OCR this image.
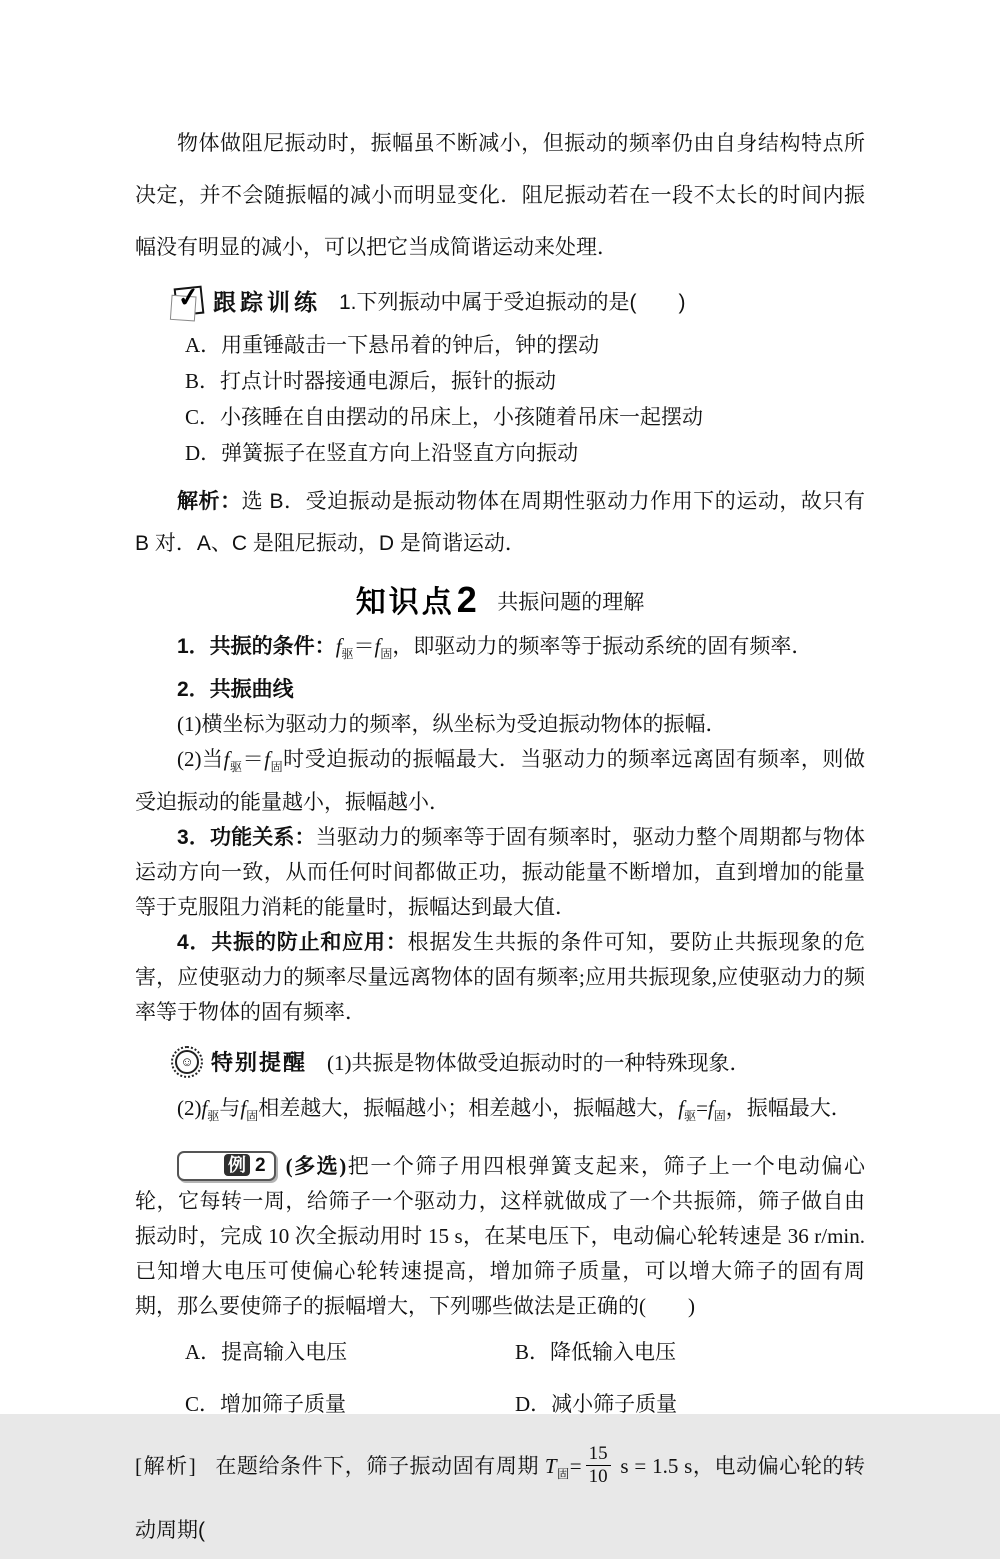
物体做阻尼振动时，振幅虽不断减小，但振动的频率仍由自身结构特点所决定，并不会随振幅的减小而明显变化．阻尼振动若在一段不太长的时间内振幅没有明显的减小，可以把它当成简谐运动来处理．

✓ 跟踪训练 1.下列振动中属于受迫振动的是(　　)
A．用重锤敲击一下悬吊着的钟后，钟的摆动
B．打点计时器接通电源后，振针的振动
C．小孩睡在自由摆动的吊床上，小孩随着吊床一起摆动
D．弹簧振子在竖直方向上沿竖直方向振动

解析：选 B．受迫振动是振动物体在周期性驱动力作用下的运动，故只有 B 对．A、C 是阻尼振动，D 是简谐运动．

知识点2 共振问题的理解

1．共振的条件：$f_驱=f_固$，即驱动力的频率等于振动系统的固有频率．

2．共振曲线

(1)横坐标为驱动力的频率，纵坐标为受迫振动物体的振幅．

(2)当$f_驱=f_固$时受迫振动的振幅最大．当驱动力的频率远离固有频率，则做受迫振动的能量越小，振幅越小．

3．功能关系：当驱动力的频率等于固有频率时，驱动力整个周期都与物体运动方向一致，从而任何时间都做正功，振动能量不断增加，直到增加的能量等于克服阻力消耗的能量时，振幅达到最大值．

4．共振的防止和应用：根据发生共振的条件可知，要防止共振现象的危害，应使驱动力的频率尽量远离物体的固有频率;应用共振现象,应使驱动力的频率等于物体的固有频率．

☺ 特别提醒 (1)共振是物体做受迫振动时的一种特殊现象．

$(2)f_驱$与$f_固$相差越大，振幅越小；相差越小，振幅越大，$f_驱=f_固$，振幅最大．

例 2 (多选)把一个筛子用四根弹簧支起来，筛子上一个电动偏心轮，它每转一周，给筛子一个驱动力，这样就做成了一个共振筛，筛子做自由振动时，完成 10 次全振动用时 15 s，在某电压下，电动偏心轮转速是 36 r/min.已知增大电压可使偏心轮转速提高，增加筛子质量，可以增大筛子的固有周期，那么要使筛子的振幅增大，下列哪些做法是正确的(　　)

A．提高输入电压	B．降低输入电压
C．增加筛子质量	D．减小筛子质量

[解析] 在题给条件下，筛子振动固有周期 $T_固= \frac{15}{10}$ s = 1.5 s，电动偏心轮的转动周期(
